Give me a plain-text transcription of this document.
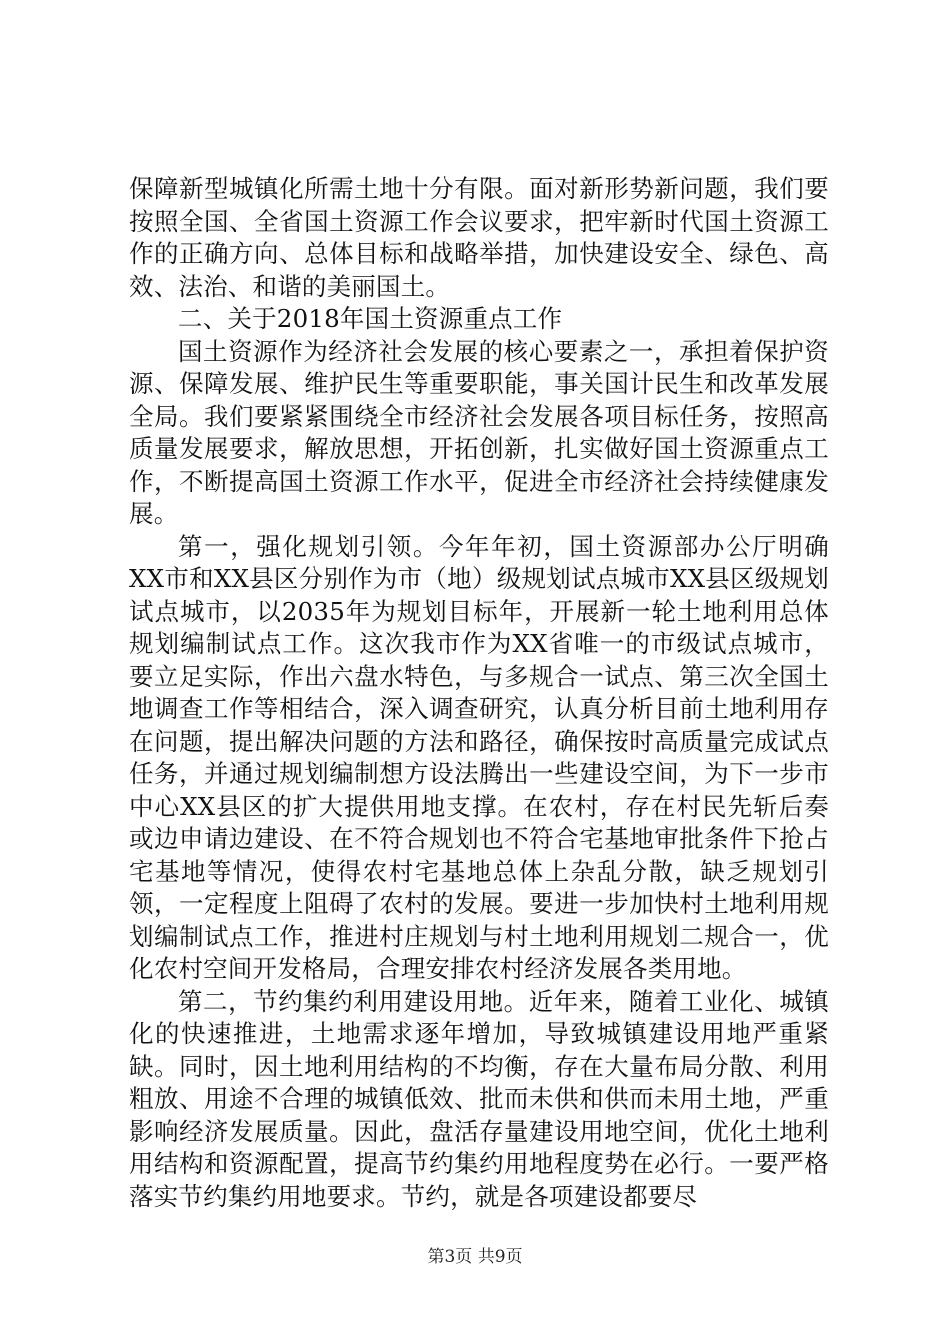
保障新型城镇化所需土地十分有限。面对新形势新问题，我们要按照全国、全省国土资源工作会议要求，把牢新时代国土资源工作的正确方向、总体目标和战略举措，加快建设安全、绿色、高效、法治、和谐的美丽国土。

二、关于2018年国土资源重点工作

国土资源作为经济社会发展的核心要素之一，承担着保护资源、保障发展、维护民生等重要职能，事关国计民生和改革发展全局。我们要紧紧围绕全市经济社会发展各项目标任务，按照高质量发展要求，解放思想，开拓创新，扎实做好国土资源重点工作，不断提高国土资源工作水平，促进全市经济社会持续健康发展。

第一，强化规划引领。今年年初，国土资源部办公厅明确XX市和XX县区分别作为市（地）级规划试点城市XX县区级规划试点城市，以2035年为规划目标年，开展新一轮土地利用总体规划编制试点工作。这次我市作为XX省唯一的市级试点城市，要立足实际，作出六盘水特色，与多规合一试点、第三次全国土地调查工作等相结合，深入调查研究，认真分析目前土地利用存在问题，提出解决问题的方法和路径，确保按时高质量完成试点任务，并通过规划编制想方设法腾出一些建设空间，为下一步市中心XX县区的扩大提供用地支撑。在农村，存在村民先斩后奏或边申请边建设、在不符合规划也不符合宅基地审批条件下抢占宅基地等情况，使得农村宅基地总体上杂乱分散，缺乏规划引领，一定程度上阻碍了农村的发展。要进一步加快村土地利用规划编制试点工作，推进村庄规划与村土地利用规划二规合一，优化农村空间开发格局，合理安排农村经济发展各类用地。

第二，节约集约利用建设用地。近年来，随着工业化、城镇化的快速推进，土地需求逐年增加，导致城镇建设用地严重紧缺。同时，因土地利用结构的不均衡，存在大量布局分散、利用粗放、用途不合理的城镇低效、批而未供和供而未用土地，严重影响经济发展质量。因此，盘活存量建设用地空间，优化土地利用结构和资源配置，提高节约集约用地程度势在必行。一要严格落实节约集约用地要求。节约，就是各项建设都要尽

第3页 共9页
